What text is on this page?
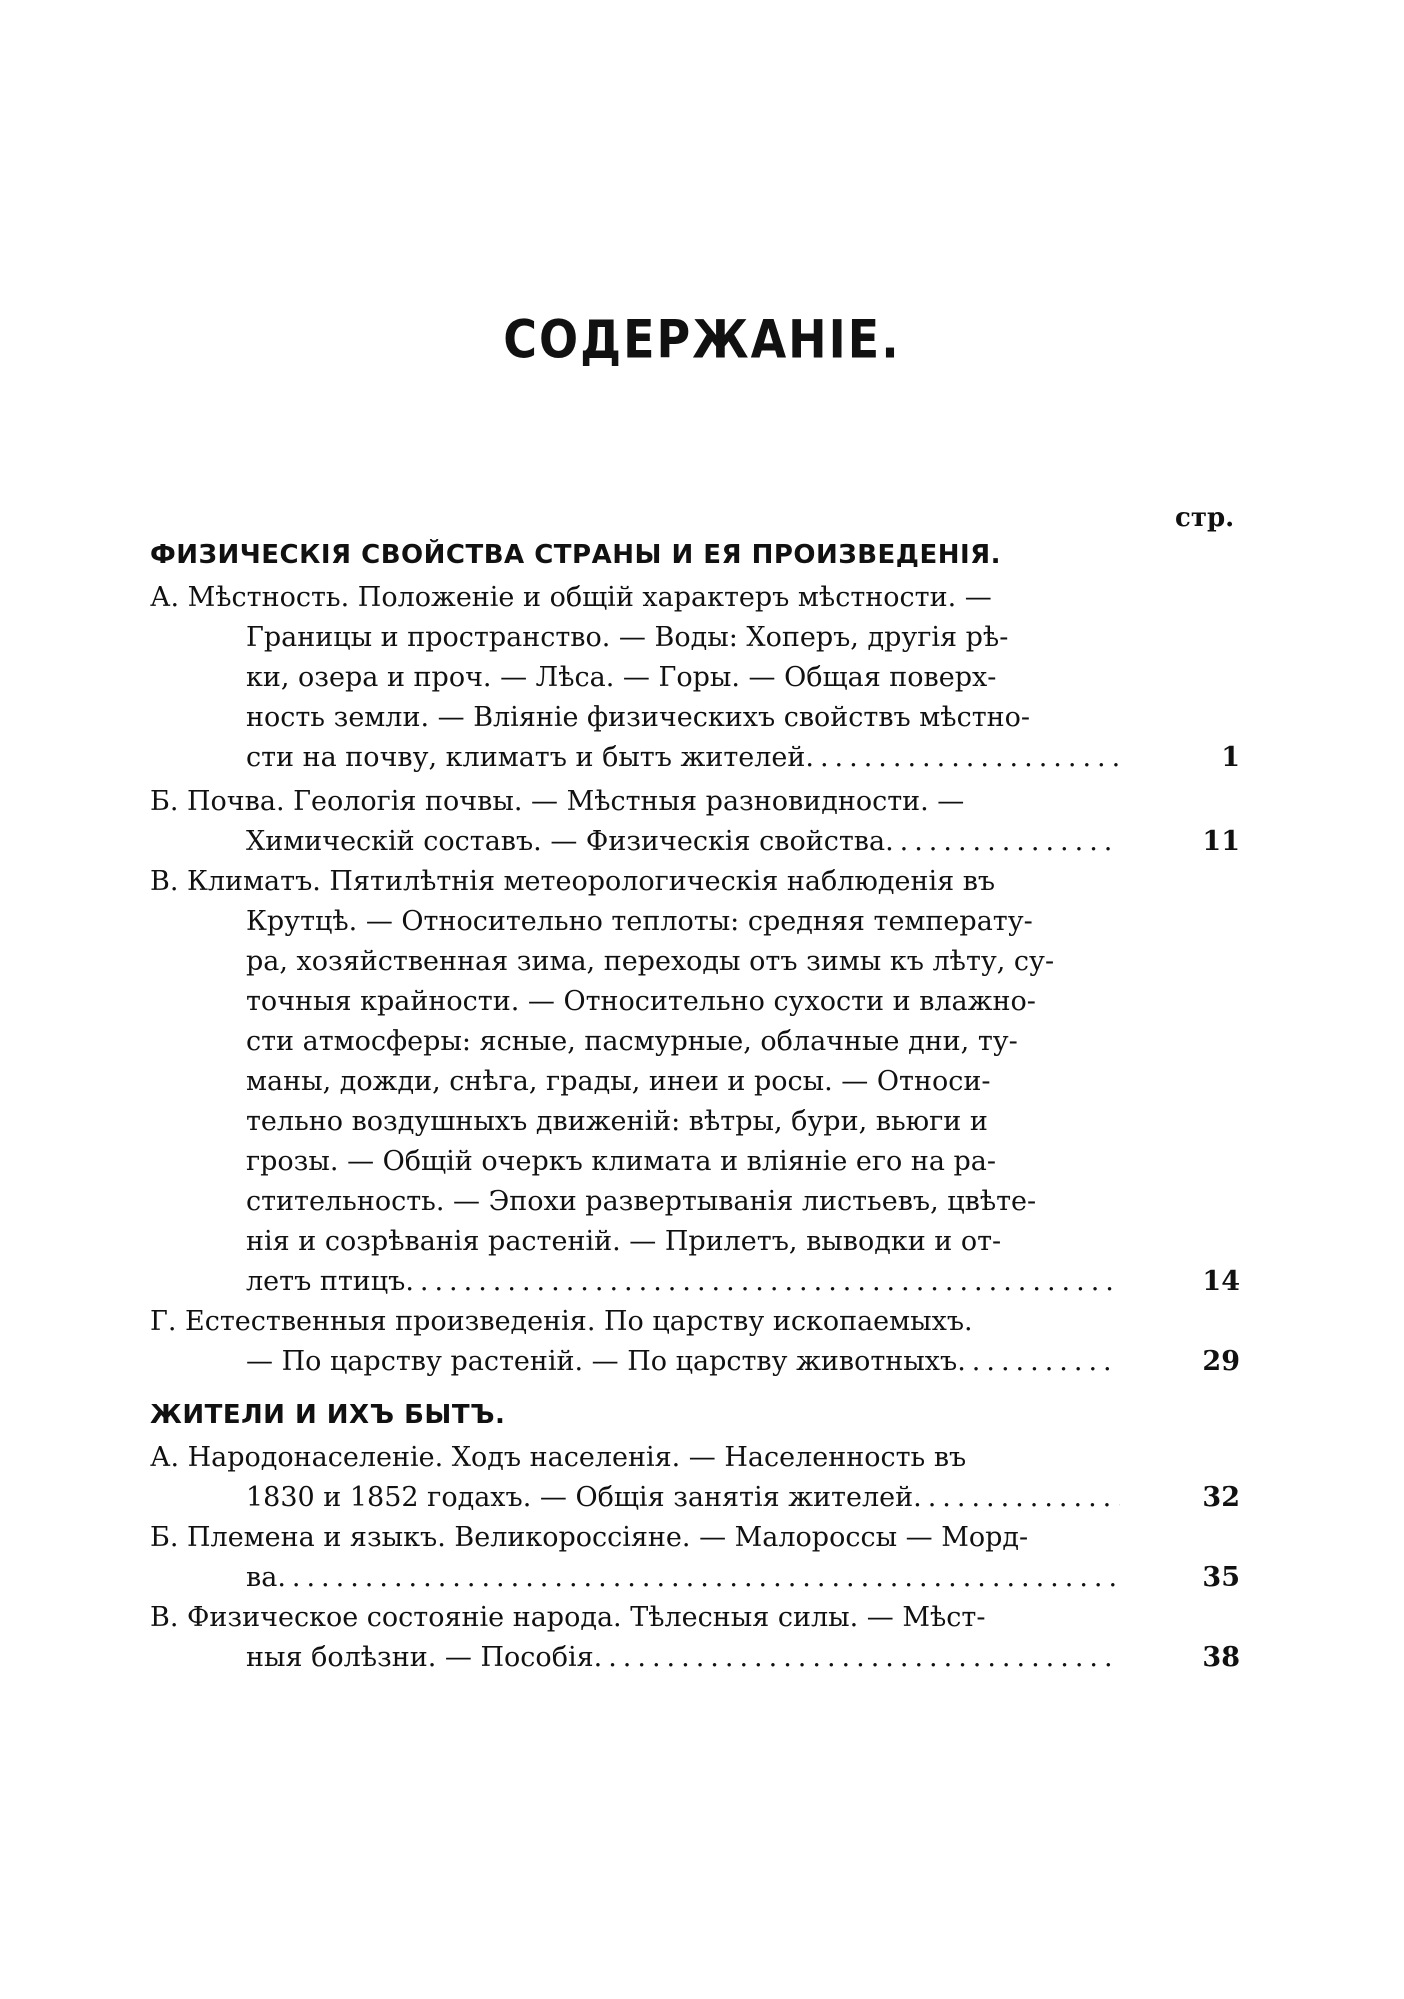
СОДЕРЖАНІЕ.
стр.
ФИЗИЧЕСКІЯ СВОЙСТВА СТРАНЫ И ЕЯ ПРОИЗВЕДЕНІЯ.
А. Мѣстность. Положеніе и общій характеръ мѣстности. —
Границы и пространство. — Воды: Хоперъ, другія рѣ-
ки, озера и проч. — Лѣса. — Горы. — Общая поверх-
ность земли. — Вліяніе физическихъ свойствъ мѣстно-
сти на почву, климатъ и бытъ жителей .....	1
Б. Почва. Геологія почвы. — Мѣстныя разновидности. —
Химическій составъ. — Физическія свойства .....	11
В. Климатъ. Пятилѣтнія метеорологическія наблюденія въ
Крутцѣ. — Относительно теплоты: средняя температу-
ра, хозяйственная зима, переходы отъ зимы къ лѣту, су-
точныя крайности. — Относительно сухости и влажно-
сти атмосферы: ясные, пасмурные, облачные дни, ту-
маны, дожди, снѣга, грады, инеи и росы. — Относи-
тельно воздушныхъ движеній: вѣтры, бури, вьюги и
грозы. — Общій очеркъ климата и вліяніе его на ра-
стительность. — Эпохи развертыванія листьевъ, цвѣте-
нія и созрѣванія растеній. — Прилетъ, выводки и от-
летъ птицъ .....	14
Г. Естественныя произведенія. По царству ископаемыхъ.
— По царству растеній. — По царству животныхъ .....	29
ЖИТЕЛИ И ИХЪ БЫТЪ.
А. Народонаселеніе. Ходъ населенія. — Населенность въ
1830 и 1852 годахъ. — Общія занятія жителей .....	32
Б. Племена и языкъ. Великороссіяне. — Малороссы — Морд-
ва .....	35
В. Физическое состояніе народа. Тѣлесныя силы. — Мѣст-
ныя болѣзни. — Пособія .....	38
